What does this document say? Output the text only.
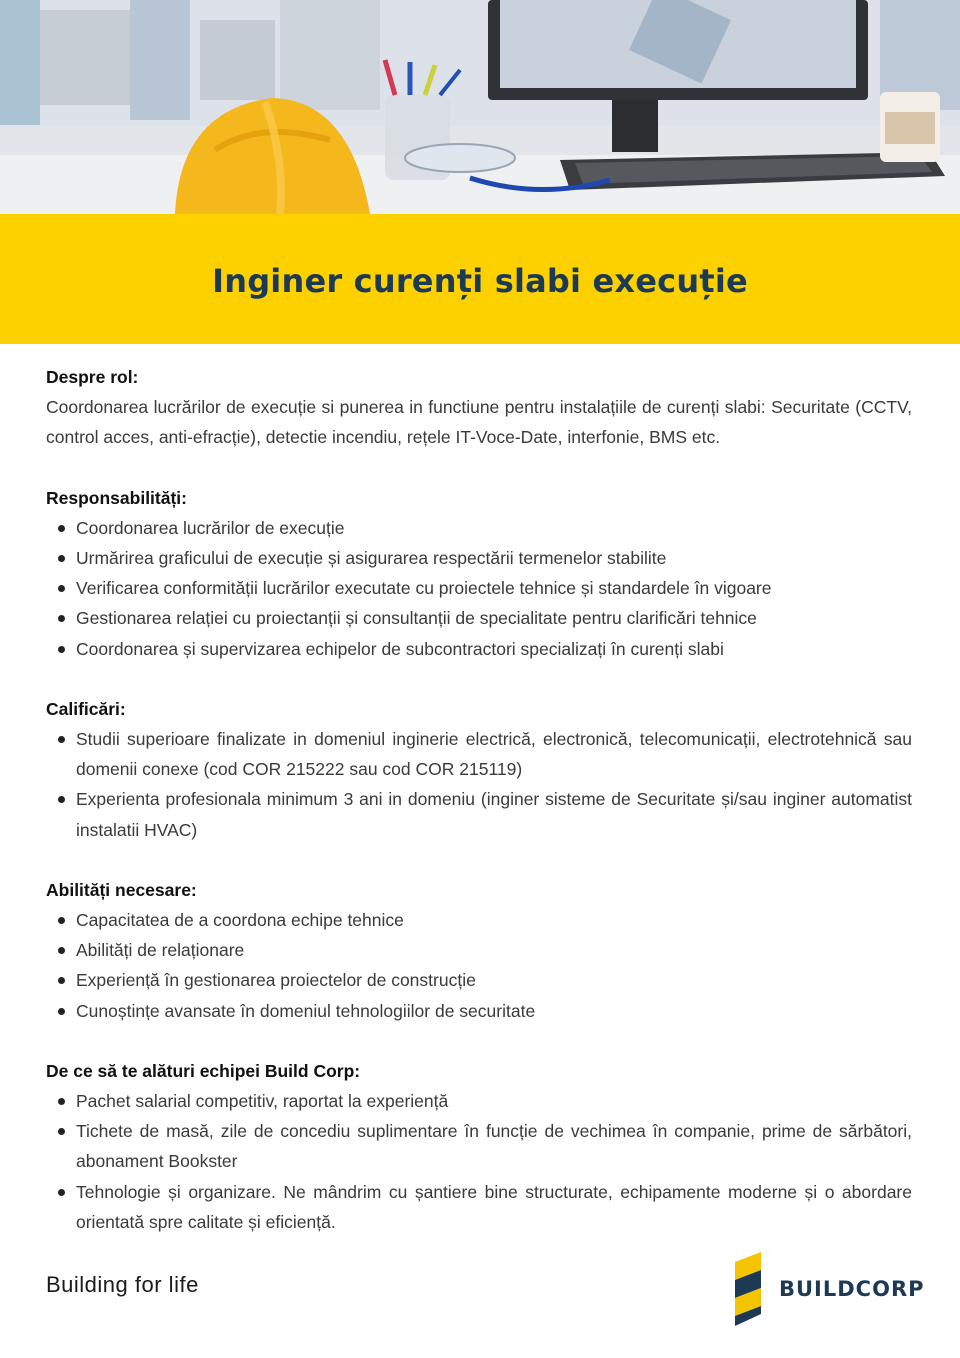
Inginer curenți slabi execuție
Despre rol:

Coordonarea lucrărilor de execuție si punerea in functiune pentru instalațiile de curenți slabi: Securitate (CCTV, control acces, anti-efracție), detectie incendiu, rețele IT-Voce-Date, interfonie, BMS etc.

Responsabilități:
Coordonarea lucrărilor de execuție
Urmărirea graficului de execuție și asigurarea respectării termenelor stabilite
Verificarea conformității lucrărilor executate cu proiectele tehnice și standardele în vigoare
Gestionarea relației cu proiectanții și consultanții de specialitate pentru clarificări tehnice
Coordonarea și supervizarea echipelor de subcontractori specializați în curenți slabi
Calificări:
Studii superioare finalizate in domeniul inginerie electrică, electronică, telecomunicații, electrotehnică sau domenii conexe (cod COR 215222 sau cod COR 215119)
Experienta profesionala minimum 3 ani in domeniu (inginer sisteme de Securitate și/sau inginer automatist instalatii HVAC)
Abilități necesare:
Capacitatea de a coordona echipe tehnice
Abilități de relaționare
Experiență în gestionarea proiectelor de construcție
Cunoștințe avansate în domeniul tehnologiilor de securitate
De ce să te alături echipei Build Corp:
Pachet salarial competitiv, raportat la experiență
Tichete de masă, zile de concediu suplimentare în funcție de vechimea în companie, prime de sărbători, abonament Bookster
Tehnologie și organizare. Ne mândrim cu șantiere bine structurate, echipamente moderne și o abordare orientată spre calitate și eficiență.
Building for life	BUILDCORP
